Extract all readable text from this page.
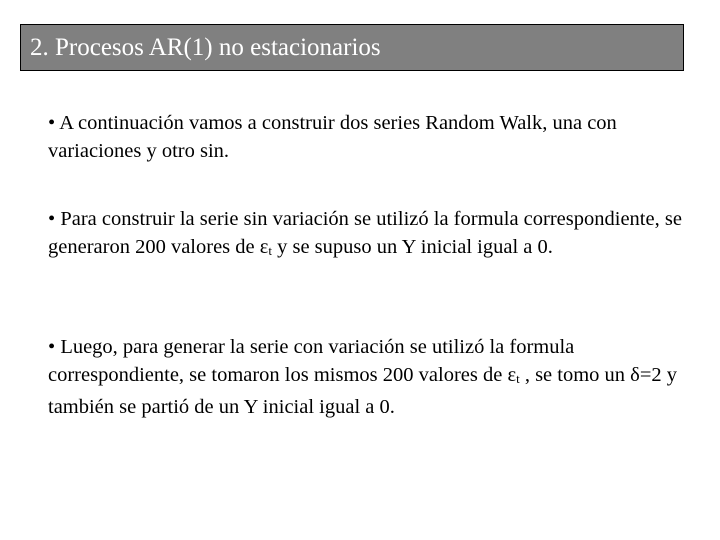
2. Procesos AR(1) no estacionarios
• A continuación vamos a construir dos series Random Walk, una con variaciones y otro sin.
• Para construir la serie sin variación se utilizó la formula correspondiente, se generaron 200 valores de εt y se supuso un Y inicial igual a 0.
• Luego, para generar la serie con variación se utilizó la formula correspondiente, se tomaron los mismos 200 valores de εt , se tomo un δ=2 y también se partió de un Y inicial igual a 0.
